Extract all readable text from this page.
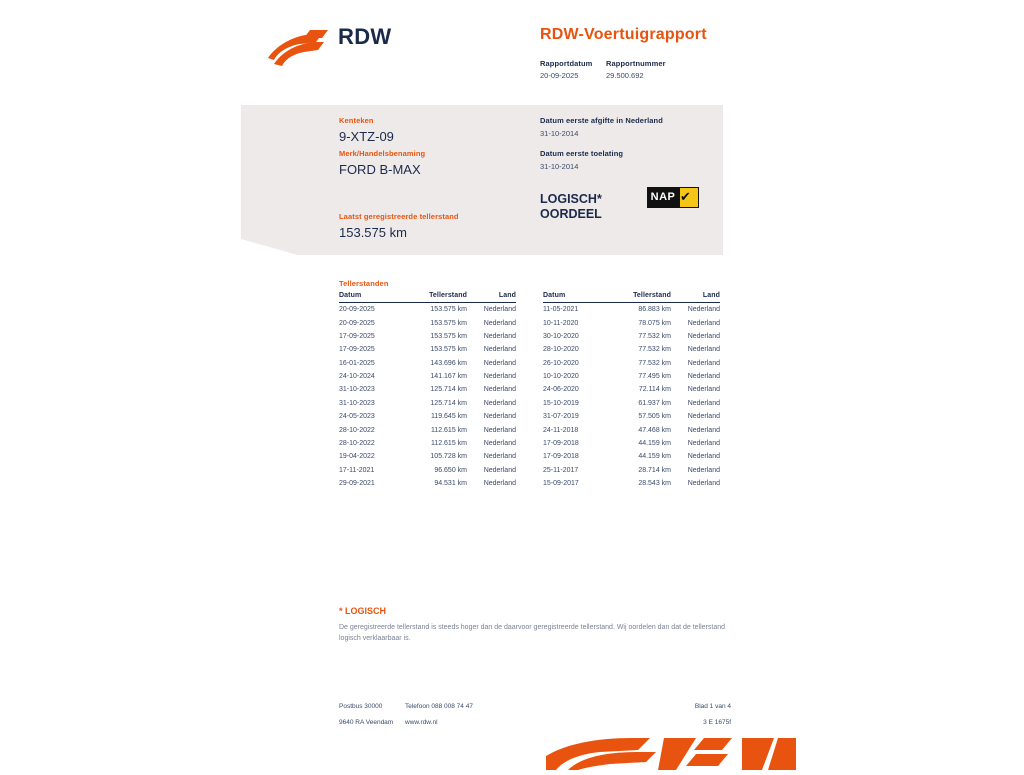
RDW	RDW-Voertuigrapport
Rapportdatum
20-09-2025
Rapportnummer
29.500.692
Kenteken
9-XTZ-09
Merk/Handelsbenaming
FORD B-MAX
Laatst geregistreerde tellerstand
153.575 km
Datum eerste afgifte in Nederland
31-10-2014
Datum eerste toelating
31-10-2014
LOGISCH*
OORDEEL
NAP ✔
Tellerstanden
Datum	Tellerstand	Land
20-09-2025	153.575 km	Nederland
20-09-2025	153.575 km	Nederland
17-09-2025	153.575 km	Nederland
17-09-2025	153.575 km	Nederland
16-01-2025	143.696 km	Nederland
24-10-2024	141.167 km	Nederland
31-10-2023	125.714 km	Nederland
31-10-2023	125.714 km	Nederland
24-05-2023	119.645 km	Nederland
28-10-2022	112.615 km	Nederland
28-10-2022	112.615 km	Nederland
19-04-2022	105.728 km	Nederland
17-11-2021	96.650 km	Nederland
29-09-2021	94.531 km	Nederland
Datum	Tellerstand	Land
11-05-2021	86.883 km	Nederland
10-11-2020	78.075 km	Nederland
30-10-2020	77.532 km	Nederland
28-10-2020	77.532 km	Nederland
26-10-2020	77.532 km	Nederland
10-10-2020	77.495 km	Nederland
24-06-2020	72.114 km	Nederland
15-10-2019	61.937 km	Nederland
31-07-2019	57.505 km	Nederland
24-11-2018	47.468 km	Nederland
17-09-2018	44.159 km	Nederland
17-09-2018	44.159 km	Nederland
25-11-2017	28.714 km	Nederland
15-09-2017	28.543 km	Nederland
* LOGISCH
De geregistreerde tellerstand is steeds hoger dan de daarvoor geregistreerde tellerstand. Wij oordelen dan dat de tellerstand logisch verklaarbaar is.
Postbus 30000	Telefoon 088 008 74 47	Blad 1 van 4
9640 RA Veendam www.rdw.nl	3 E 1675f
